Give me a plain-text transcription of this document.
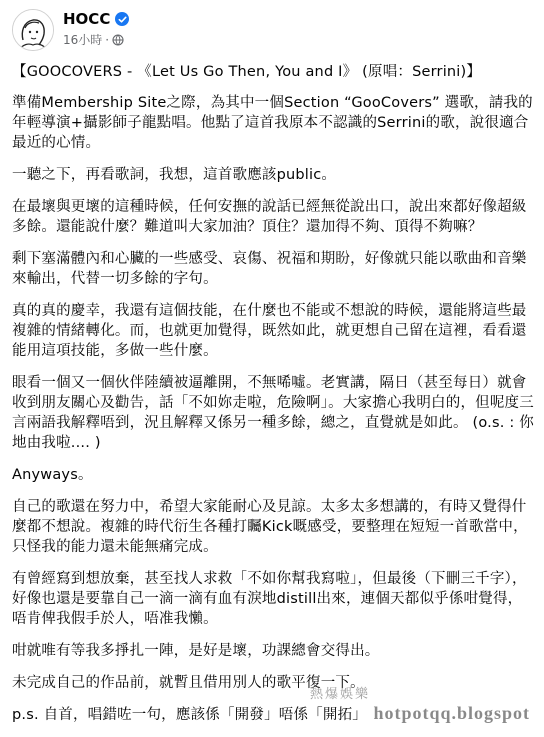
HOCC
16小時 ·

【GOOCOVERS - 《Let Us Go Then, You and I》 (原唱：Serrini)】

準備Membership Site之際，為其中一個Section “GooCovers” 選歌，請我的年輕導演+攝影師子龍點唱。他點了這首我原本不認識的Serrini的歌，說很適合最近的心情。

一聽之下，再看歌詞，我想，這首歌應該public。

在最壞與更壞的這種時候，任何安撫的說話已經無從說出口，說出來都好像超級多餘。還能說什麼？難道叫大家加油？頂住？還加得不夠、頂得不夠嘛？

剩下塞滿體內和心臟的一些感受、哀傷、祝福和期盼，好像就只能以歌曲和音樂來輸出，代替一切多餘的字句。

真的真的慶幸，我還有這個技能，在什麼也不能或不想說的時候，還能將這些最複雜的情緒轉化。而，也就更加覺得，既然如此，就更想自己留在這裡，看看還能用這項技能，多做一些什麼。

眼看一個又一個伙伴陸續被逼離開，不無唏噓。老實講，隔日（甚至每日）就會收到朋友關心及勸告，話「不如妳走啦，危險啊」。大家擔心我明白的，但呢度三言兩語我解釋唔到，況且解釋又係另一種多餘，總之，直覺就是如此。 (o.s. : 你地由我啦.... )

Anyways。

自己的歌還在努力中，希望大家能耐心及見諒。太多太多想講的，有時又覺得什麼都不想說。複雜的時代衍生各種打矚Kick嘅感受，要整理在短短一首歌當中，只怪我的能力還未能無痛完成。

有曾經寫到想放棄，甚至找人求救「不如你幫我寫啦」，但最後（下刪三千字），好像也還是要靠自己一滴一滴有血有淚地distill出來，連個天都似乎係咁覺得，唔肯俾我假手於人，唔准我懶。

咁就唯有等我多掙扎一陣，是好是壞，功課總會交得出。

未完成自己的作品前，就暫且借用別人的歌平復一下。

p.s. 自首，唱錯咗一句，應該係「開發」唔係「開拓」

熱爆娛樂
hotpotqq.blogspot
